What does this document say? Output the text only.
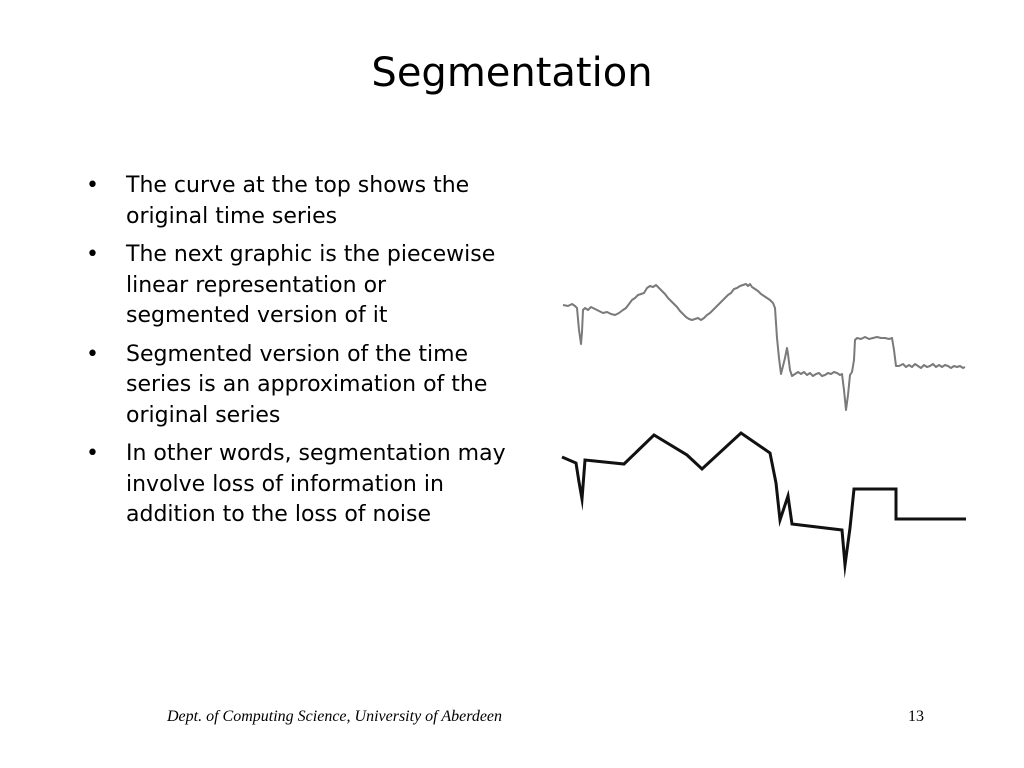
Segmentation
• The curve at the top shows the original time series
• The next graphic is the piecewise linear representation or segmented version of it
• Segmented version of the time series is an approximation of the original series
• In other words, segmentation may involve loss of information in addition to the loss of noise
Dept. of Computing Science, University of Aberdeen	13
